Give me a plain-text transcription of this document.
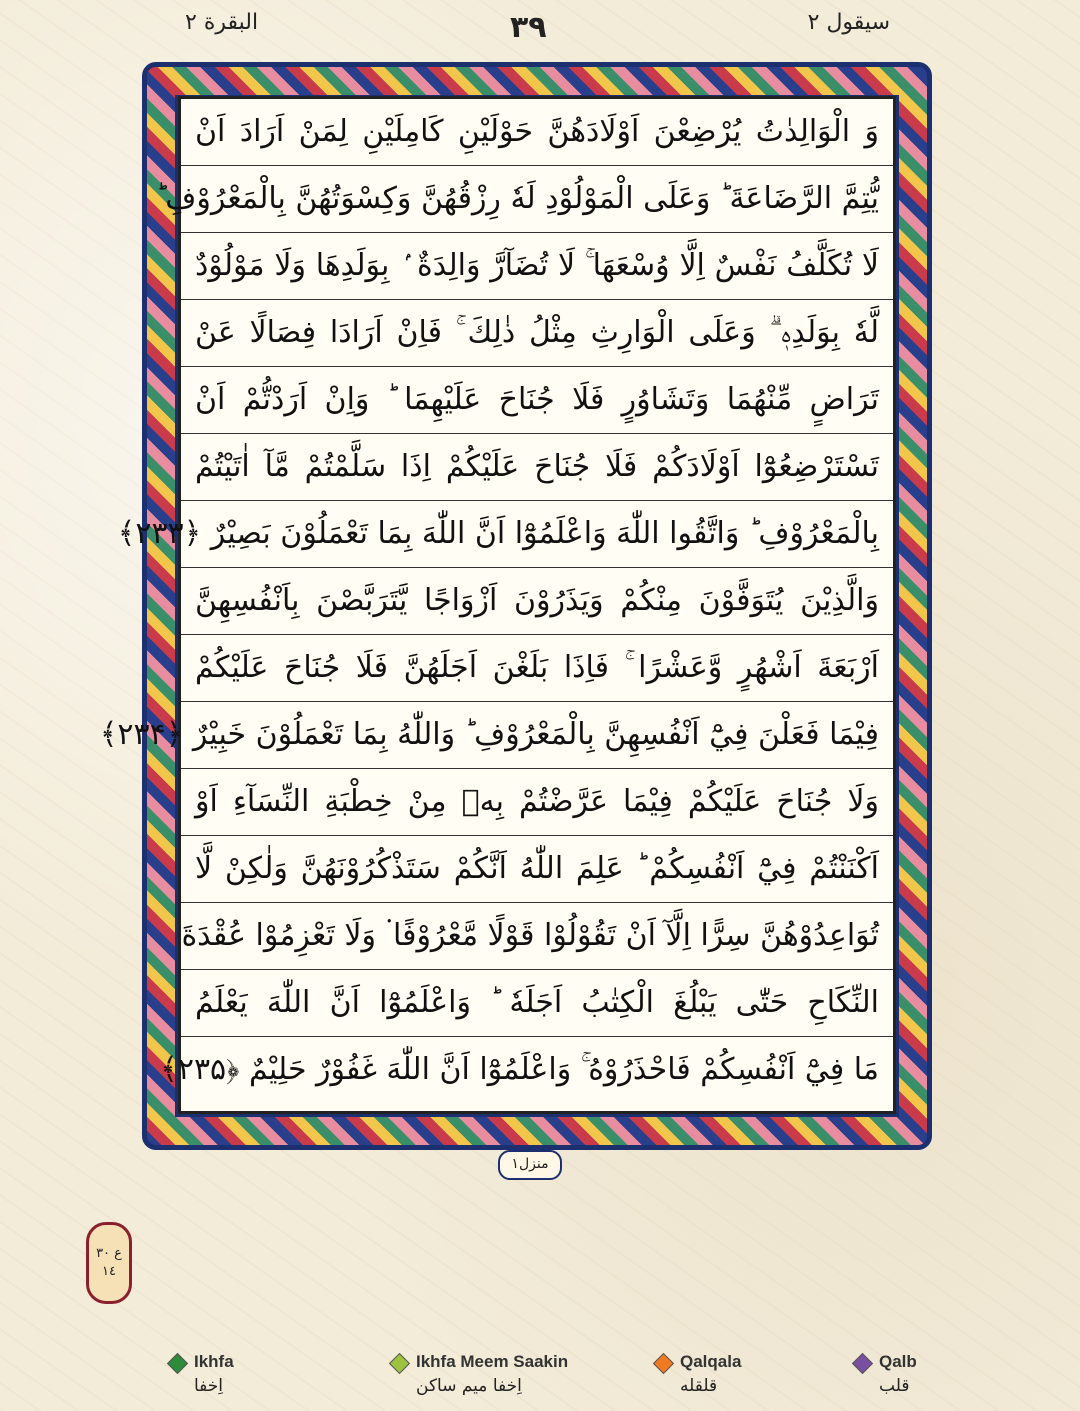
البقرة ٢	٣٩	سيقول ٢
وَ الْوَالِدٰتُ يُرْضِعْنَ اَوْلَادَهُنَّ حَوْلَيْنِ كَامِلَيْنِ لِمَنْ اَرَادَ اَنْ
يُّتِمَّ الرَّضَاعَةَ ؕ وَعَلَى الْمَوْلُوْدِ لَهٗ رِزْقُهُنَّ وَكِسْوَتُهُنَّ بِالْمَعْرُوْفِ ؕ
لَا تُكَلَّفُ نَفْسٌ اِلَّا وُسْعَهَا ۚ لَا تُضَآرَّ وَالِدَةٌ ۢ بِوَلَدِهَا وَلَا مَوْلُوْدٌ
لَّهٗ بِوَلَدِهٖ ۗ وَعَلَى الْوَارِثِ مِثْلُ ذٰلِكَ ۚ فَاِنْ اَرَادَا فِصَالًا عَنْ
تَرَاضٍ مِّنْهُمَا وَتَشَاوُرٍ فَلَا جُنَاحَ عَلَيْهِمَا ؕ وَاِنْ اَرَدْتُّمْ اَنْ
تَسْتَرْضِعُوْٓا اَوْلَادَكُمْ فَلَا جُنَاحَ عَلَيْكُمْ اِذَا سَلَّمْتُمْ مَّآ اٰتَيْتُمْ
بِالْمَعْرُوْفِ ؕ وَاتَّقُوا اللّٰهَ وَاعْلَمُوْٓا اَنَّ اللّٰهَ بِمَا تَعْمَلُوْنَ بَصِيْرٌ ﴿۲۳۳﴾
وَالَّذِيْنَ يُتَوَفَّوْنَ مِنْكُمْ وَيَذَرُوْنَ اَزْوَاجًا يَّتَرَبَّصْنَ بِاَنْفُسِهِنَّ
اَرْبَعَةَ اَشْهُرٍ وَّعَشْرًا ۚ فَاِذَا بَلَغْنَ اَجَلَهُنَّ فَلَا جُنَاحَ عَلَيْكُمْ
فِيْمَا فَعَلْنَ فِيْٓ اَنْفُسِهِنَّ بِالْمَعْرُوْفِ ؕ وَاللّٰهُ بِمَا تَعْمَلُوْنَ خَبِيْرٌ ﴿۲۳۴﴾
وَلَا جُنَاحَ عَلَيْكُمْ فِيْمَا عَرَّضْتُمْ بِهٖ مِنْ خِطْبَةِ النِّسَآءِ اَوْ
اَكْنَنْتُمْ فِيْٓ اَنْفُسِكُمْ ؕ عَلِمَ اللّٰهُ اَنَّكُمْ سَتَذْكُرُوْنَهُنَّ وَلٰكِنْ لَّا
تُوَاعِدُوْهُنَّ سِرًّا اِلَّآ اَنْ تَقُوْلُوْا قَوْلًا مَّعْرُوْفًا ۬ وَلَا تَعْزِمُوْا عُقْدَةَ
النِّكَاحِ حَتّٰى يَبْلُغَ الْكِتٰبُ اَجَلَهٗ ؕ وَاعْلَمُوْٓا اَنَّ اللّٰهَ يَعْلَمُ
مَا فِيْٓ اَنْفُسِكُمْ فَاحْذَرُوْهُ ۚ وَاعْلَمُوْٓا اَنَّ اللّٰهَ غَفُوْرٌ حَلِيْمٌ ﴿۲۳۵﴾
منزل١
ع ٣٠ ١٤
Ikhfa
اِخفا
Ikhfa Meem Saakin
اِخفا میم ساکن
Qalqala
قلقله
Qalb
قلب
